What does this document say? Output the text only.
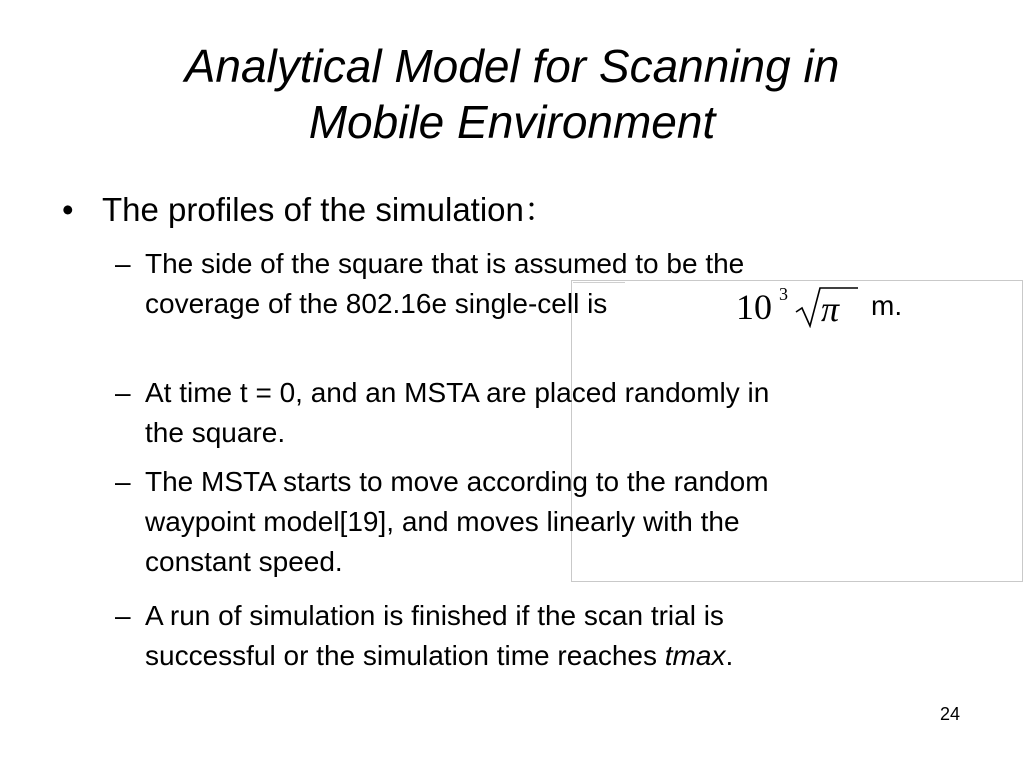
Analytical Model for Scanning in
Mobile Environment
• The profiles of the simulation：
– The side of the square that is assumed to be the
coverage of the 802.16e single-cell is	10 3 π m.
– At time t = 0, and an MSTA are placed randomly in
the square.
– The MSTA starts to move according to the random
waypoint model[19], and moves linearly with the
constant speed.
– A run of simulation is finished if the scan trial is
successful or the simulation time reaches tmax.
24
